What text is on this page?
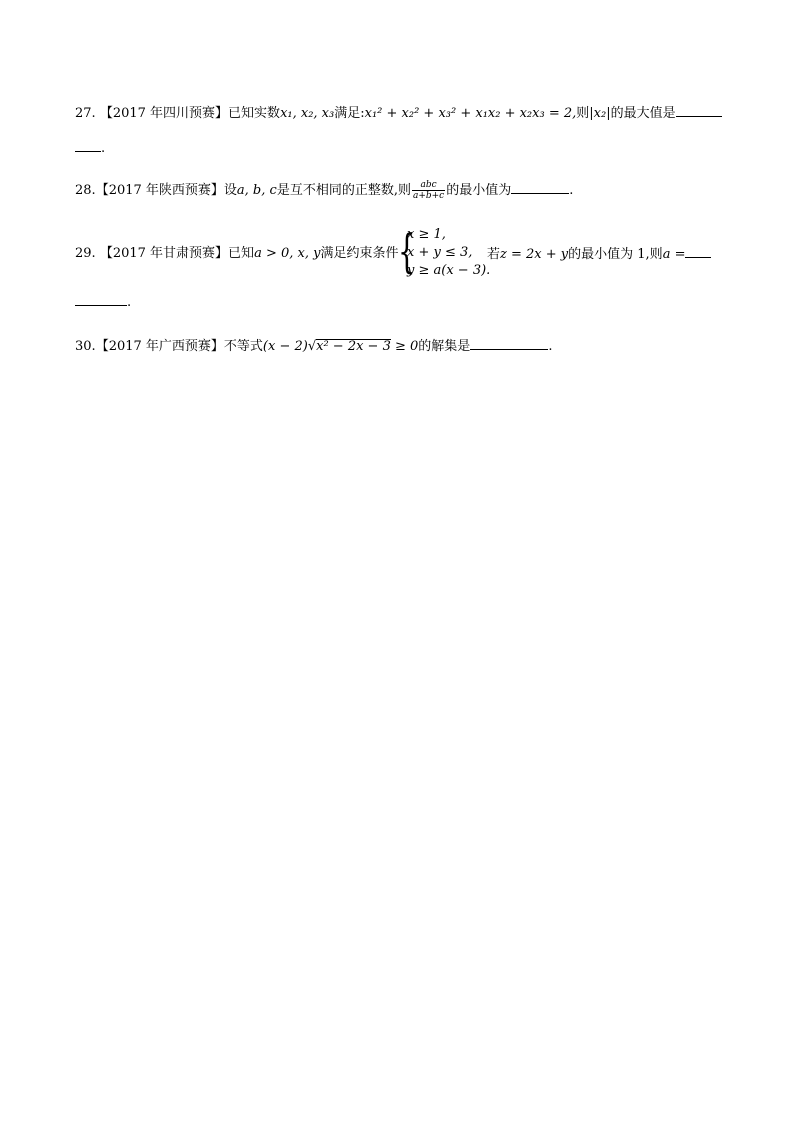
27. 【2017 年四川预赛】已知实数x₁, x₂, x₃满足:x₁² + x₂² + x₃² + x₁x₂ + x₂x₃ = 2,则|x₂|的最大值是
.
28.【2017 年陕西预赛】设a, b, c是互不相同的正整数,则 $\frac{\text{abc}}{a+b+c}$ 的最小值为	.
29. 【2017 年甘肃预赛】已知a > 0, x, y满足约束条件 {
x ≥ 1,
x + y ≤ 3,
y ≥ a(x − 3).
若z = 2x + y的最小值为 1,则a =
.
30.【2017 年广西预赛】不等式(x − 2)√x² − 2x − 3 ≥ 0的解集是	.
